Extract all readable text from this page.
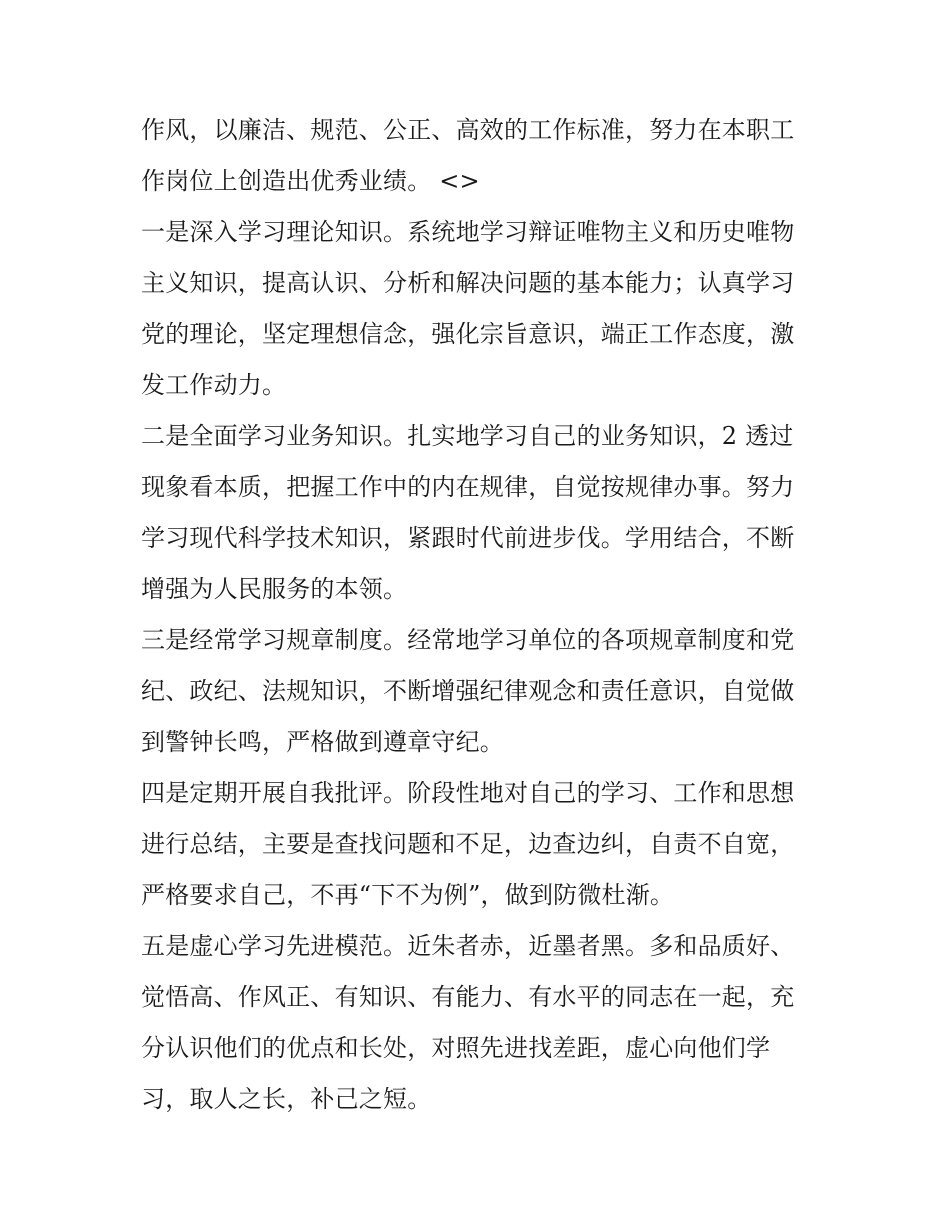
作风，以廉洁、规范、公正、高效的工作标准，努力在本职工
作岗位上创造出优秀业绩。 <>
一是深入学习理论知识。系统地学习辩证唯物主义和历史唯物
主义知识，提高认识、分析和解决问题的基本能力；认真学习
党的理论，坚定理想信念，强化宗旨意识，端正工作态度，激
发工作动力。
二是全面学习业务知识。扎实地学习自己的业务知识，2 透过
现象看本质，把握工作中的内在规律，自觉按规律办事。努力
学习现代科学技术知识，紧跟时代前进步伐。学用结合，不断
增强为人民服务的本领。
三是经常学习规章制度。经常地学习单位的各项规章制度和党
纪、政纪、法规知识，不断增强纪律观念和责任意识，自觉做
到警钟长鸣，严格做到遵章守纪。
四是定期开展自我批评。阶段性地对自己的学习、工作和思想
进行总结，主要是查找问题和不足，边查边纠，自责不自宽，
严格要求自己，不再“下不为例”，做到防微杜渐。
五是虚心学习先进模范。近朱者赤，近墨者黑。多和品质好、
觉悟高、作风正、有知识、有能力、有水平的同志在一起，充
分认识他们的优点和长处，对照先进找差距，虚心向他们学
习，取人之长，补己之短。
